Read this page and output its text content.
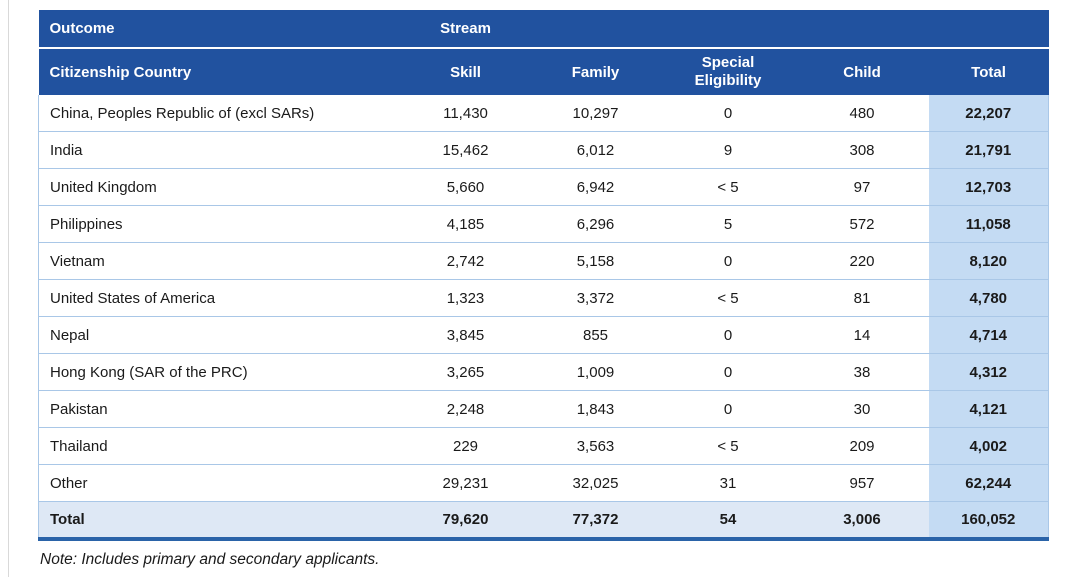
Outcome	Stream				
Citizenship Country	Skill	Family	Special Eligibility	Child	Total
China, Peoples Republic of (excl SARs)	11,430	10,297	0	480	22,207
India	15,462	6,012	9	308	21,791
United Kingdom	5,660	6,942	< 5	97	12,703
Philippines	4,185	6,296	5	572	11,058
Vietnam	2,742	5,158	0	220	8,120
United States of America	1,323	3,372	< 5	81	4,780
Nepal	3,845	855	0	14	4,714
Hong Kong (SAR of the PRC)	3,265	1,009	0	38	4,312
Pakistan	2,248	1,843	0	30	4,121
Thailand	229	3,563	< 5	209	4,002
Other	29,231	32,025	31	957	62,244
Total	79,620	77,372	54	3,006	160,052
Note: Includes primary and secondary applicants.
